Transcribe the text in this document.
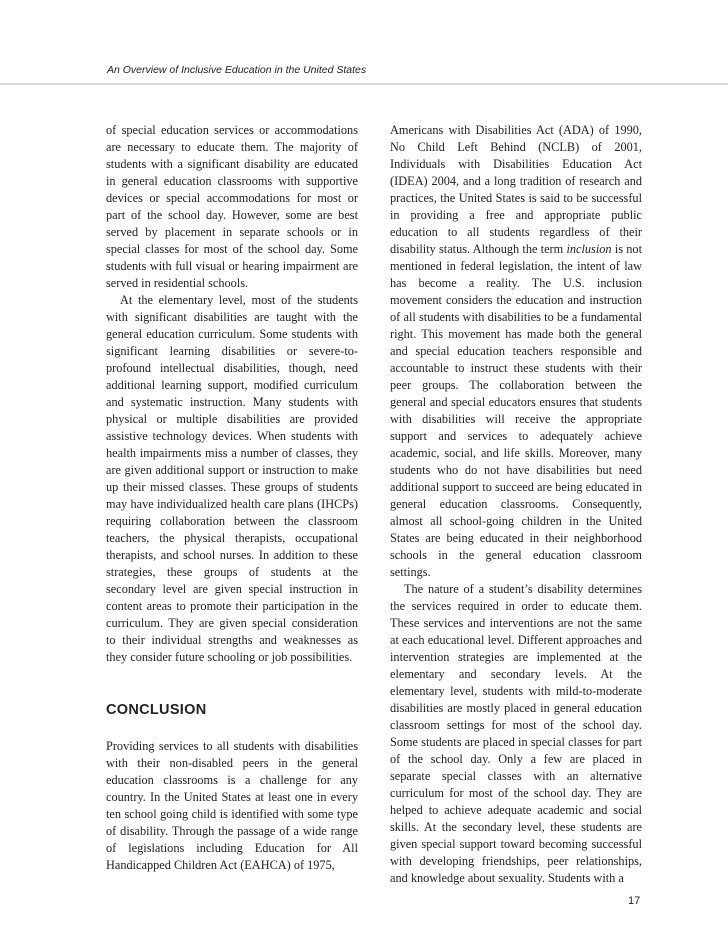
An Overview of Inclusive Education in the United States

of special education services or accommodations are necessary to educate them. The majority of students with a significant disability are educated in general education classrooms with supportive devices or special accommodations for most or part of the school day. However, some are best served by placement in separate schools or in special classes for most of the school day. Some students with full visual or hearing impairment are served in residential schools.

At the elementary level, most of the students with significant disabilities are taught with the general education curriculum. Some students with significant learning disabilities or severe-to-profound intellectual disabilities, though, need additional learning support, modified curriculum and systematic instruction. Many students with physical or multiple disabilities are provided assistive technology devices. When students with health impairments miss a number of classes, they are given additional support or instruction to make up their missed classes. These groups of students may have individualized health care plans (IHCPs) requiring collaboration between the classroom teachers, the physical therapists, occupational therapists, and school nurses. In addition to these strategies, these groups of students at the secondary level are given special instruction in content areas to promote their participation in the curriculum. They are given special consideration to their individual strengths and weaknesses as they consider future schooling or job possibilities.

CONCLUSION

Providing services to all students with disabilities with their non-disabled peers in the general education classrooms is a challenge for any country. In the United States at least one in every ten school going child is identified with some type of disability. Through the passage of a wide range of legislations including Education for All Handicapped Children Act (EAHCA) of 1975,

Americans with Disabilities Act (ADA) of 1990, No Child Left Behind (NCLB) of 2001, Individuals with Disabilities Education Act (IDEA) 2004, and a long tradition of research and practices, the United States is said to be successful in providing a free and appropriate public education to all students regardless of their disability status. Although the term inclusion is not mentioned in federal legislation, the intent of law has become a reality. The U.S. inclusion movement considers the education and instruction of all students with disabilities to be a fundamental right. This movement has made both the general and special education teachers responsible and accountable to instruct these students with their peer groups. The collaboration between the general and special educators ensures that students with disabilities will receive the appropriate support and services to adequately achieve academic, social, and life skills. Moreover, many students who do not have disabilities but need additional support to succeed are being educated in general education classrooms. Consequently, almost all school-going children in the United States are being educated in their neighborhood schools in the general education classroom settings.

The nature of a student’s disability determines the services required in order to educate them. These services and interventions are not the same at each educational level. Different approaches and intervention strategies are implemented at the elementary and secondary levels. At the elementary level, students with mild-to-moderate disabilities are mostly placed in general education classroom settings for most of the school day. Some students are placed in special classes for part of the school day. Only a few are placed in separate special classes with an alternative curriculum for most of the school day. They are helped to achieve adequate academic and social skills. At the secondary level, these students are given special support toward becoming successful with developing friendships, peer relationships, and knowledge about sexuality. Students with a

17
